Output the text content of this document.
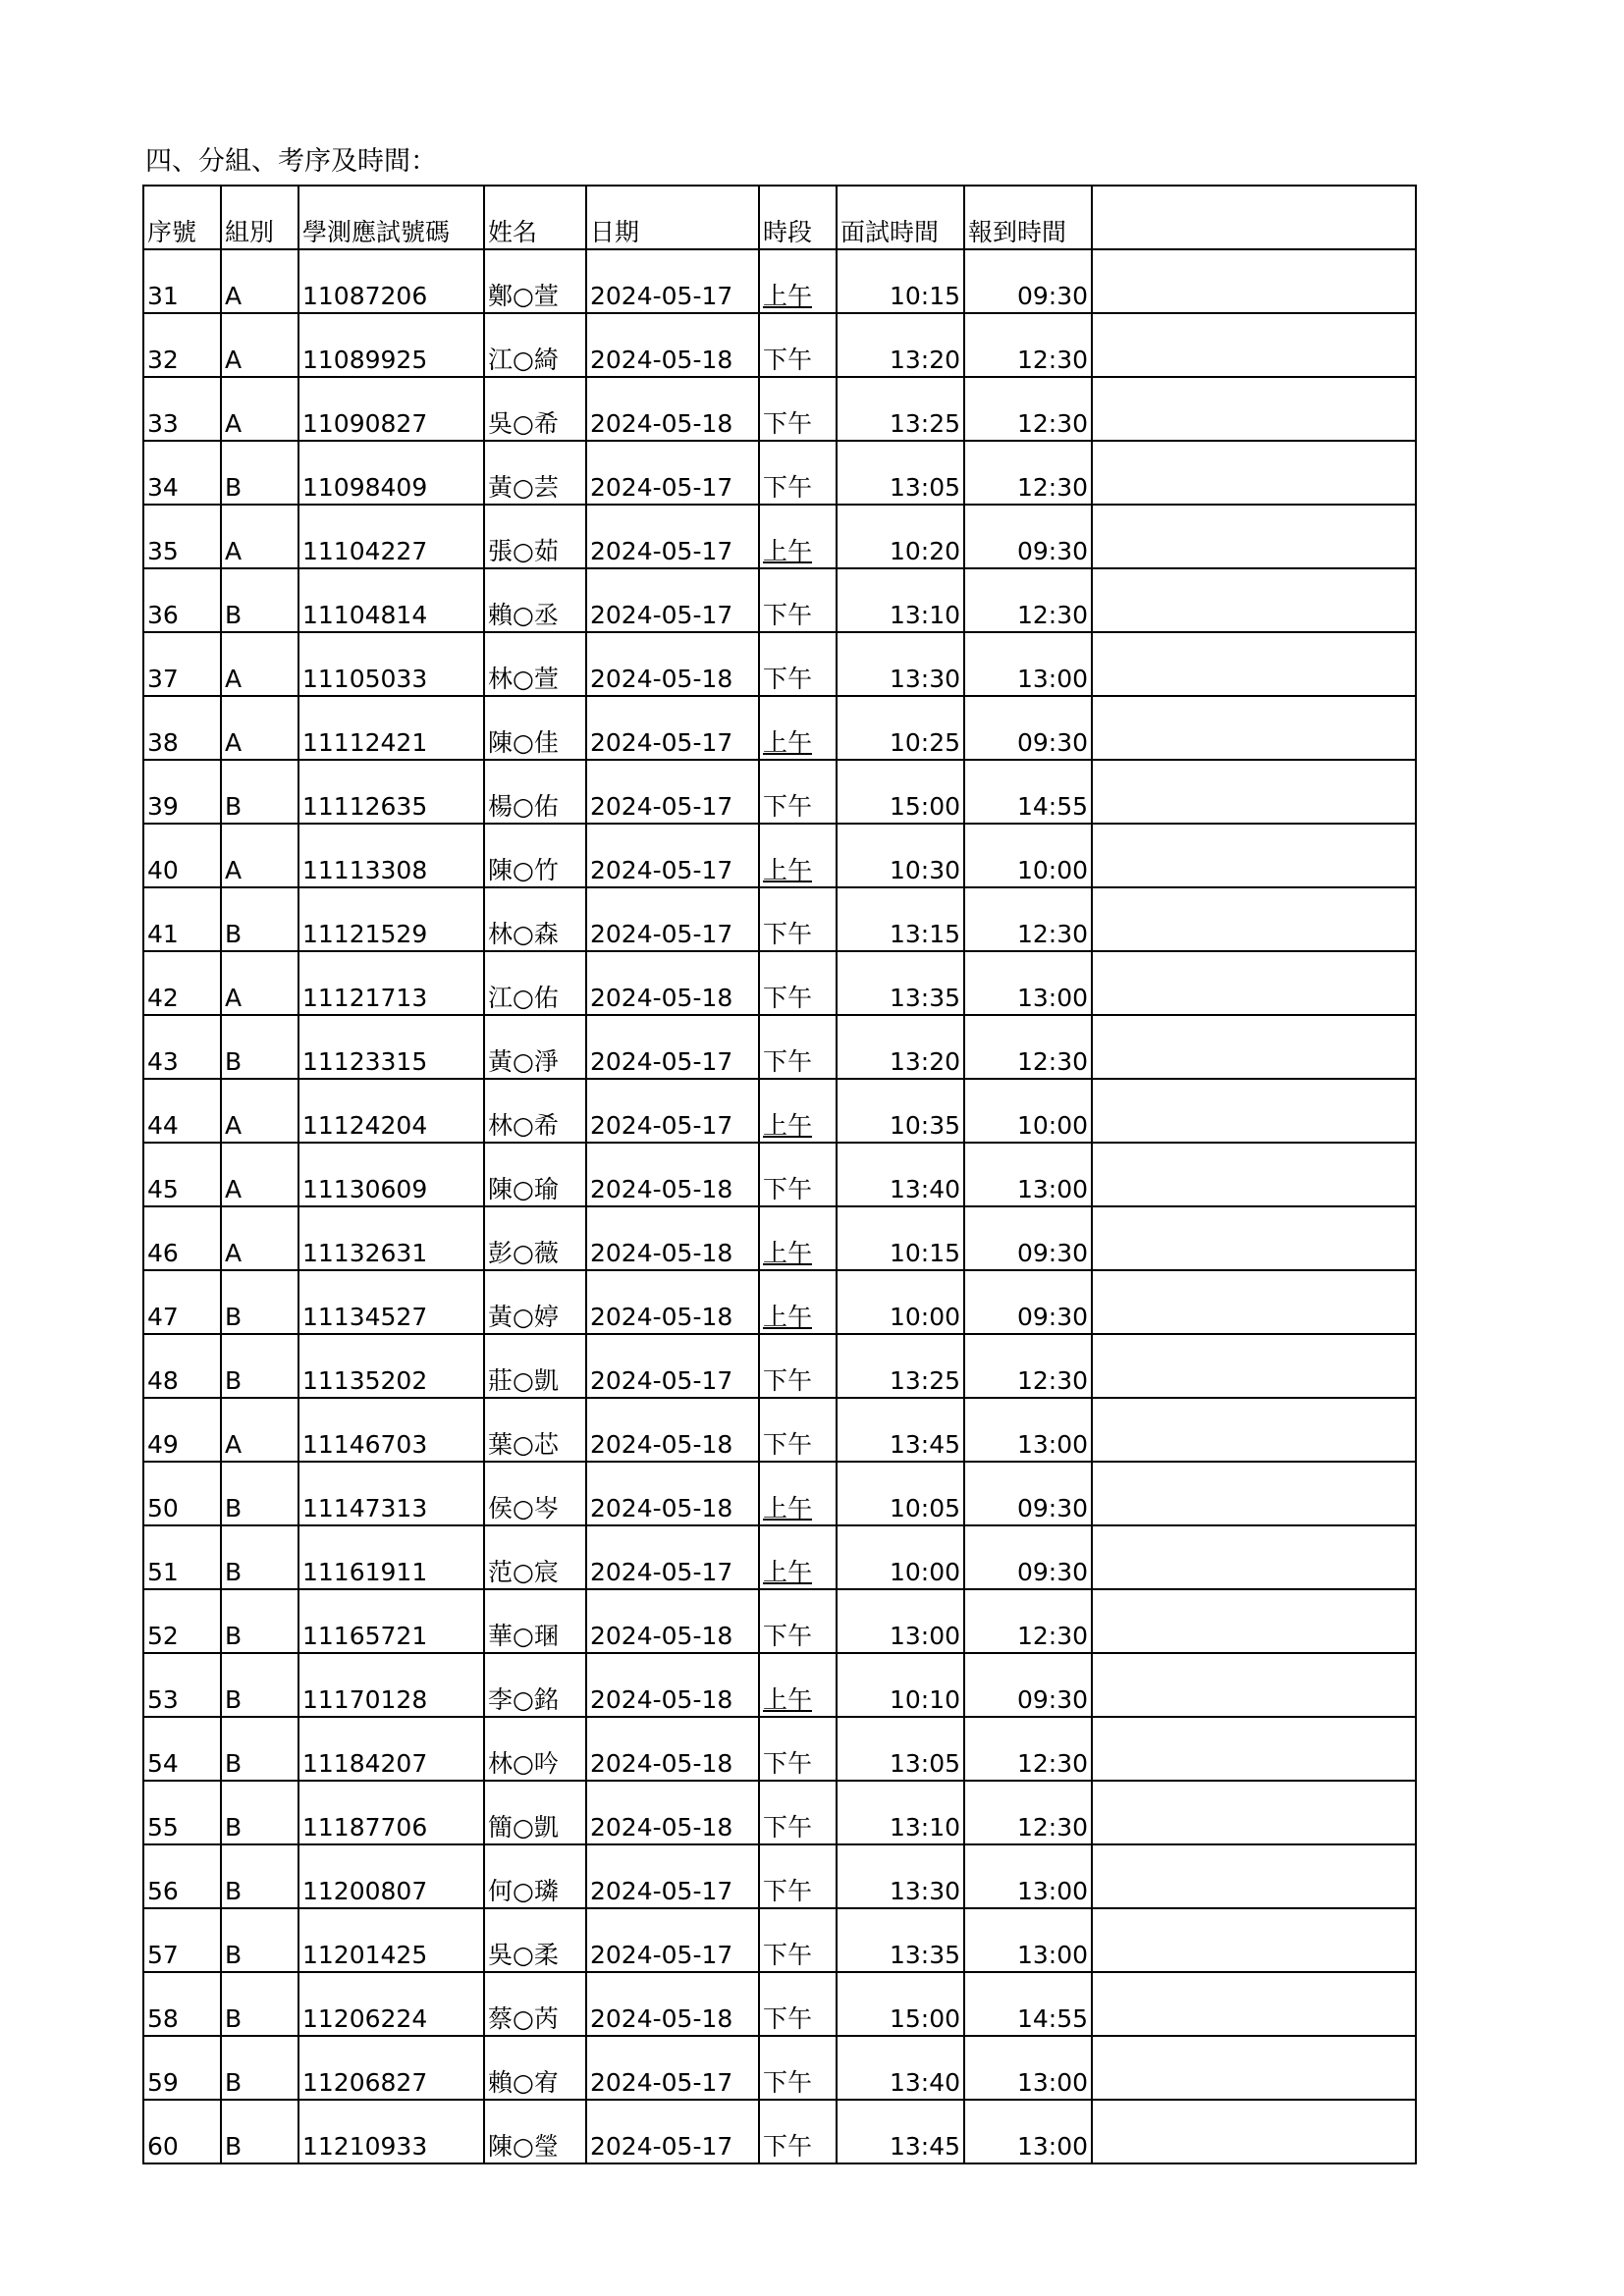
四、分組、考序及時間：
序號	組別	學測應試號碼	姓名	日期	時段	面試時間	報到時間	
31	A	11087206	鄭○萱	2024-05-17	上午	10:15	09:30	
32	A	11089925	江○綺	2024-05-18	下午	13:20	12:30	
33	A	11090827	吳○希	2024-05-18	下午	13:25	12:30	
34	B	11098409	黃○芸	2024-05-17	下午	13:05	12:30	
35	A	11104227	張○茹	2024-05-17	上午	10:20	09:30	
36	B	11104814	賴○丞	2024-05-17	下午	13:10	12:30	
37	A	11105033	林○萱	2024-05-18	下午	13:30	13:00	
38	A	11112421	陳○佳	2024-05-17	上午	10:25	09:30	
39	B	11112635	楊○佑	2024-05-17	下午	15:00	14:55	
40	A	11113308	陳○竹	2024-05-17	上午	10:30	10:00	
41	B	11121529	林○森	2024-05-17	下午	13:15	12:30	
42	A	11121713	江○佑	2024-05-18	下午	13:35	13:00	
43	B	11123315	黃○淨	2024-05-17	下午	13:20	12:30	
44	A	11124204	林○希	2024-05-17	上午	10:35	10:00	
45	A	11130609	陳○瑜	2024-05-18	下午	13:40	13:00	
46	A	11132631	彭○薇	2024-05-18	上午	10:15	09:30	
47	B	11134527	黃○婷	2024-05-18	上午	10:00	09:30	
48	B	11135202	莊○凱	2024-05-17	下午	13:25	12:30	
49	A	11146703	葉○芯	2024-05-18	下午	13:45	13:00	
50	B	11147313	侯○岑	2024-05-18	上午	10:05	09:30	
51	B	11161911	范○宸	2024-05-17	上午	10:00	09:30	
52	B	11165721	華○㻒	2024-05-18	下午	13:00	12:30	
53	B	11170128	李○銘	2024-05-18	上午	10:10	09:30	
54	B	11184207	林○吟	2024-05-18	下午	13:05	12:30	
55	B	11187706	簡○凱	2024-05-18	下午	13:10	12:30	
56	B	11200807	何○璘	2024-05-17	下午	13:30	13:00	
57	B	11201425	吳○柔	2024-05-17	下午	13:35	13:00	
58	B	11206224	蔡○芮	2024-05-18	下午	15:00	14:55	
59	B	11206827	賴○宥	2024-05-17	下午	13:40	13:00	
60	B	11210933	陳○瑩	2024-05-17	下午	13:45	13:00	
